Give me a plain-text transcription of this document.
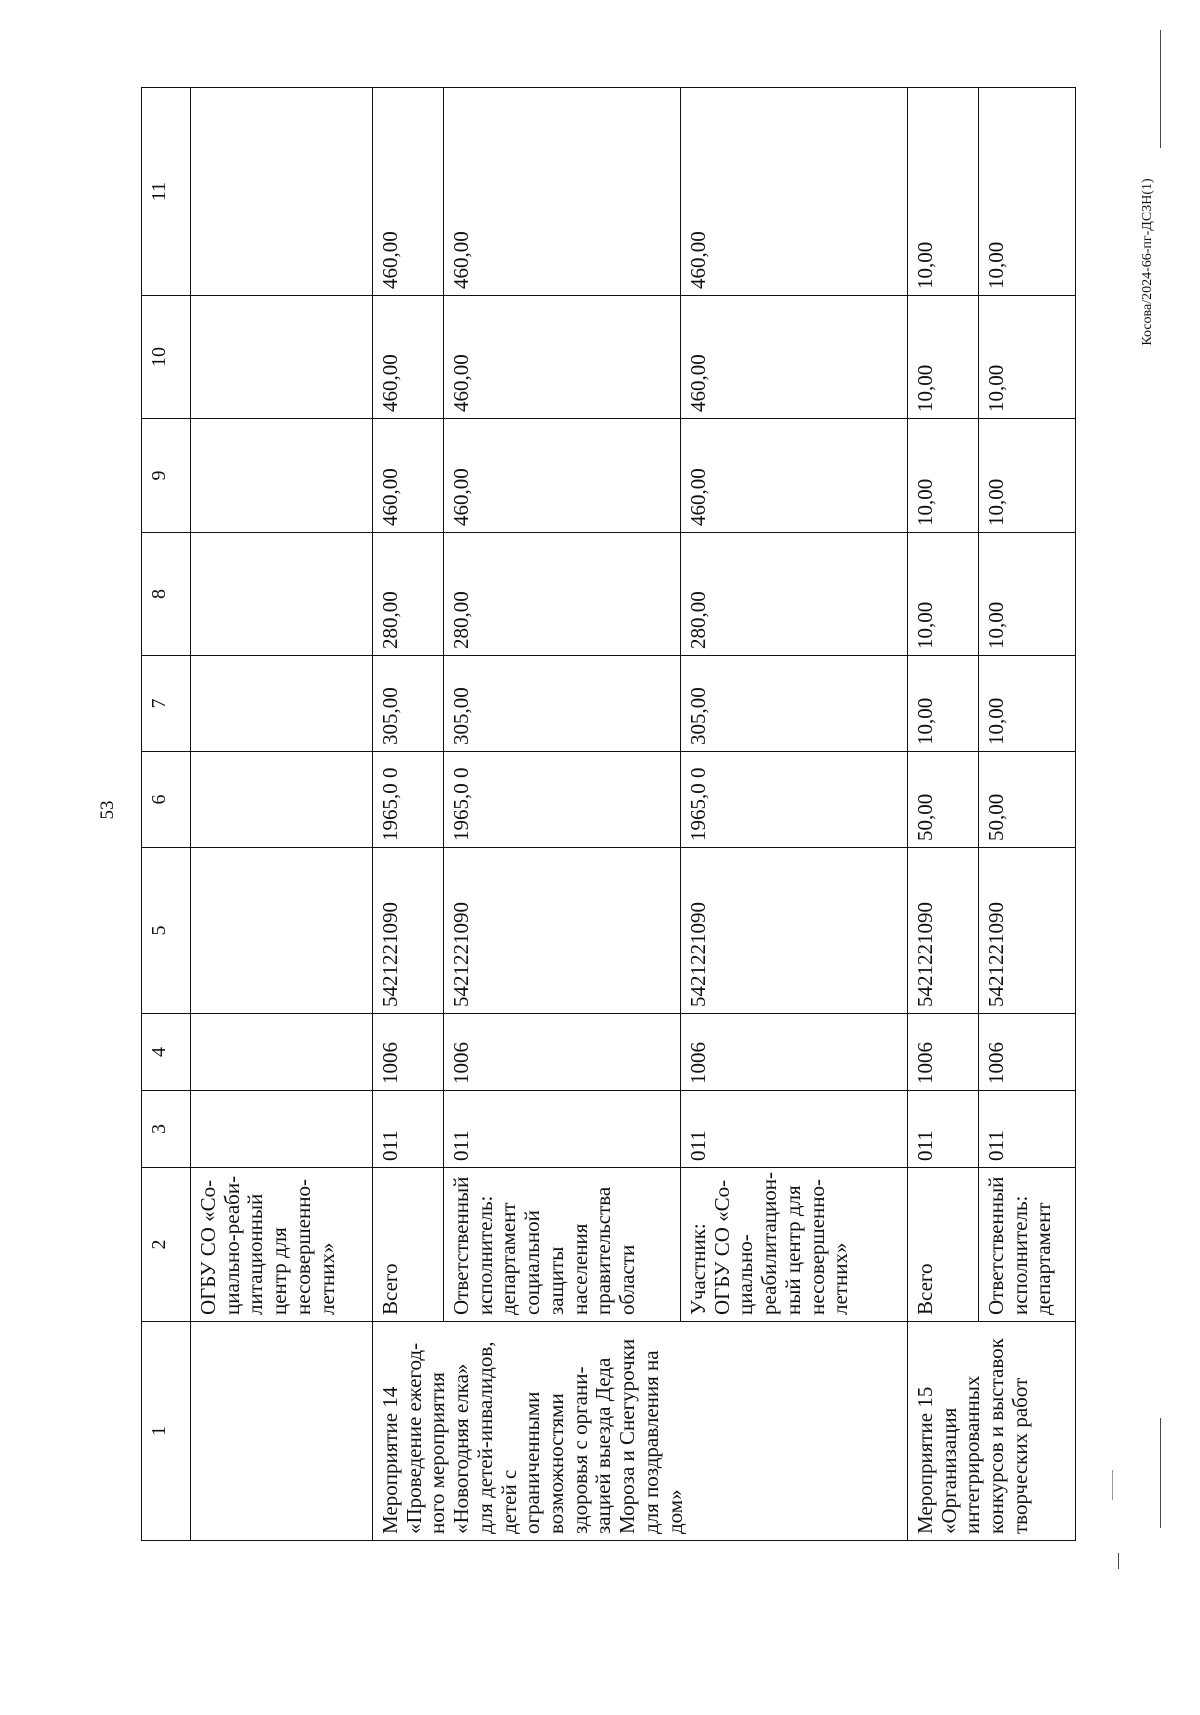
53
Косова/2024-66-пг-ДСЗН(1)
1	2	3	4	5	6	7	8	9	10	11
	ОГБУ СО «Со-циально-реаби-литационный центр для несовершенно-летних»									
Мероприятие 14 «Проведение ежегод-ного мероприятия «Новогодняя елка» для детей-инвалидов, детей с ограниченными возможностями здоровья с органи-зацией выезда Деда Мороза и Снегурочки для поздравления на дом»	Всего	011	1006	5421221090	1965,0 0	305,00	280,00	460,00	460,00	460,00
	Ответственный исполнитель: департамент социальной защиты населения правительства области	011	1006	5421221090	1965,0 0	305,00	280,00	460,00	460,00	460,00
	Участник: ОГБУ СО «Со-циально-реабилитацион-ный центр для несовершенно-летних»	011	1006	5421221090	1965,0 0	305,00	280,00	460,00	460,00	460,00
Мероприятие 15 «Организация интегрированных конкурсов и выставок творческих работ	Всего	011	1006	5421221090	50,00	10,00	10,00	10,00	10,00	10,00
	Ответственный исполнитель: департамент	011	1006	5421221090	50,00	10,00	10,00	10,00	10,00	10,00
